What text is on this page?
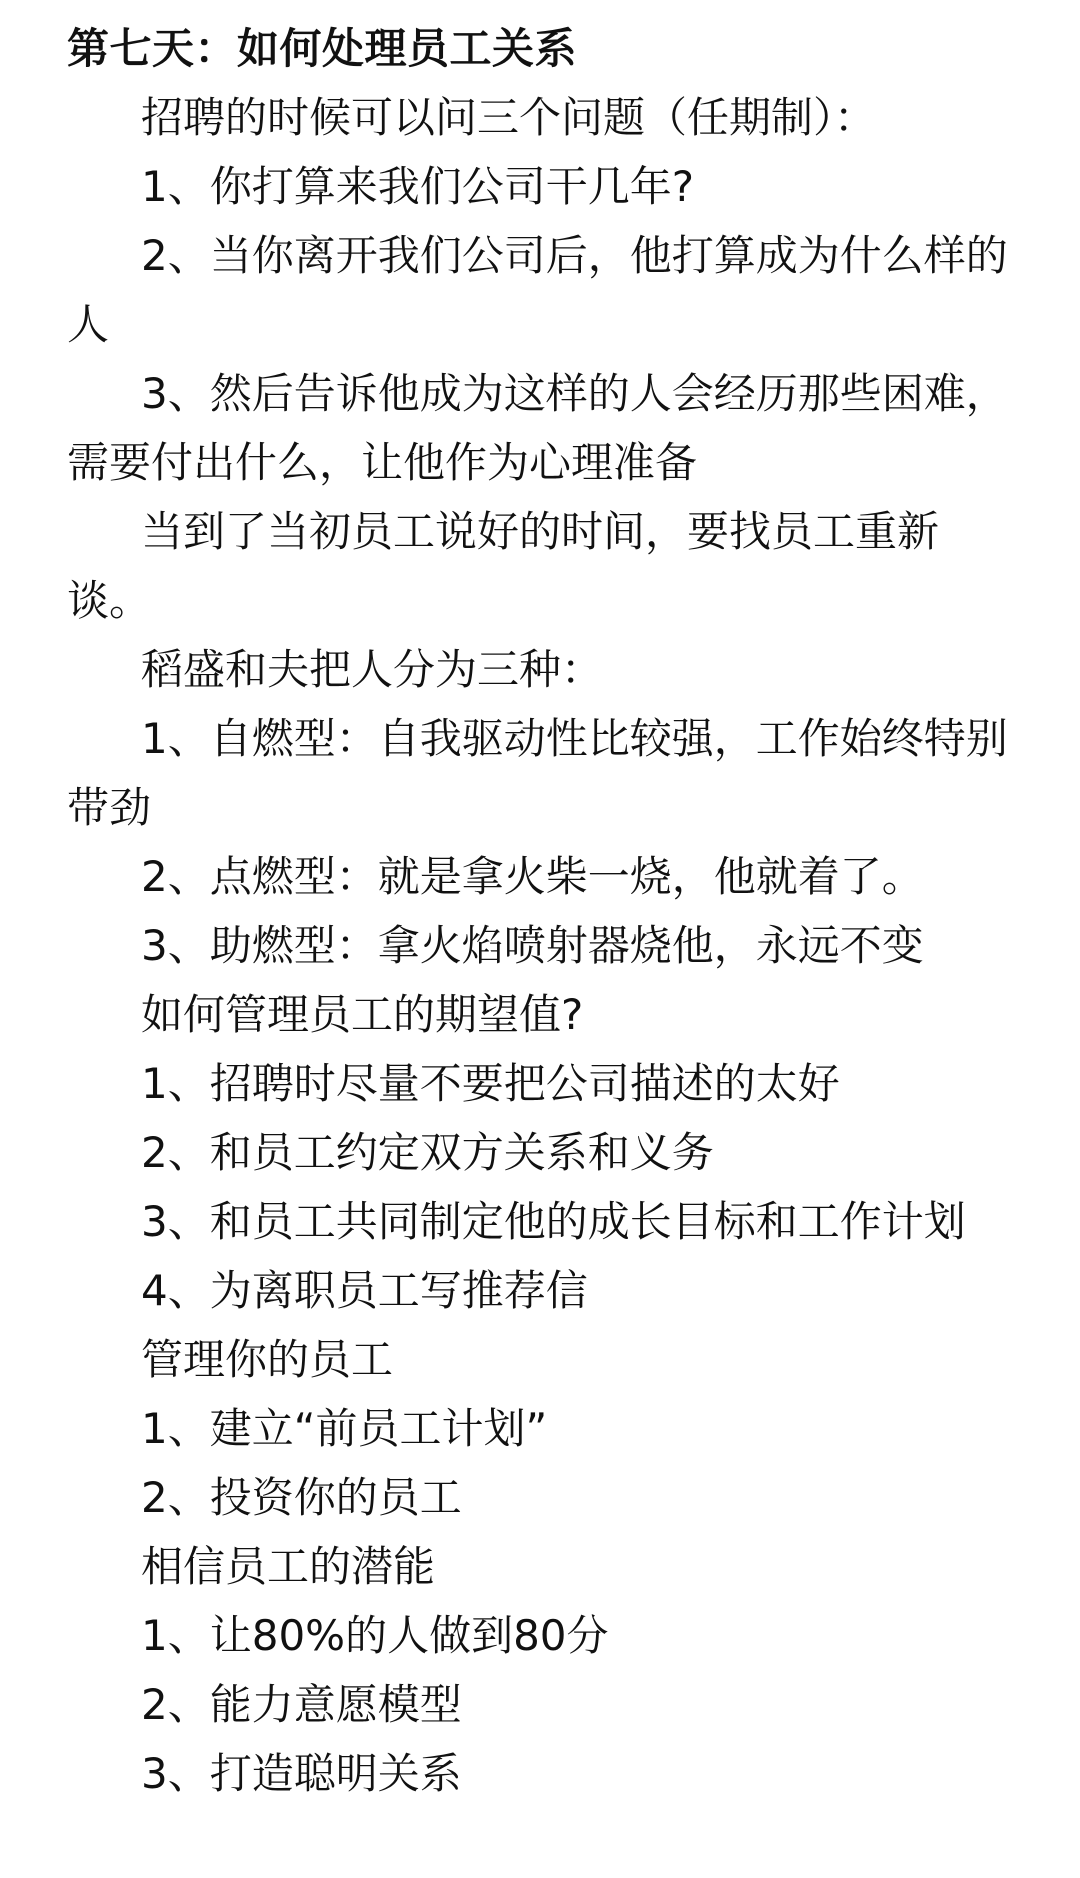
第七天：如何处理员工关系

招聘的时候可以问三个问题（任期制）：

1、你打算来我们公司干几年?

2、当你离开我们公司后，他打算成为什么样的人

3、然后告诉他成为这样的人会经历那些困难，需要付出什么，让他作为心理准备

当到了当初员工说好的时间，要找员工重新谈。

稻盛和夫把人分为三种：

1、自燃型：自我驱动性比较强，工作始终特别带劲

2、点燃型：就是拿火柴一烧，他就着了。

3、助燃型：拿火焰喷射器烧他，永远不变

如何管理员工的期望值?

1、招聘时尽量不要把公司描述的太好

2、和员工约定双方关系和义务

3、和员工共同制定他的成长目标和工作计划

4、为离职员工写推荐信

管理你的员工

1、建立“前员工计划”

2、投资你的员工

相信员工的潜能

1、让80%的人做到80分

2、能力意愿模型

3、打造聪明关系
